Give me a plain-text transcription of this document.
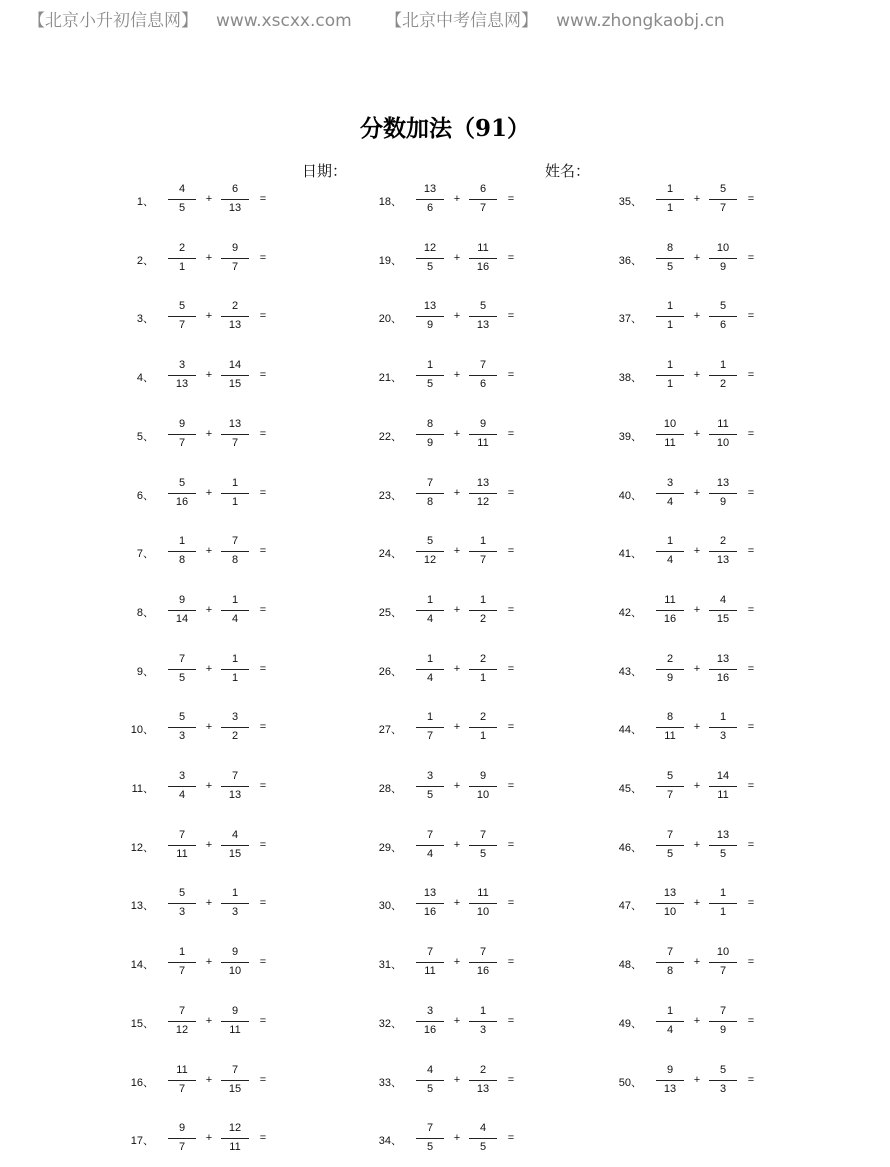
【北京小升初信息网】 www.xscxx.com 【北京中考信息网】 www.zhongkaobj.cn
分数加法（91）
日期：	姓名：
1、
4
5
+
6
13
=
2、
2
1
+
9
7
=
3、
5
7
+
2
13
=
4、
3
13
+
14
15
=
5、
9
7
+
13
7
=
6、
5
16
+
1
1
=
7、
1
8
+
7
8
=
8、
9
14
+
1
4
=
9、
7
5
+
1
1
=
10、
5
3
+
3
2
=
11、
3
4
+
7
13
=
12、
7
11
+
4
15
=
13、
5
3
+
1
3
=
14、
1
7
+
9
10
=
15、
7
12
+
9
11
=
16、
11
7
+
7
15
=
17、
9
7
+
12
11
=
18、
13
6
+
6
7
=
19、
12
5
+
11
16
=
20、
13
9
+
5
13
=
21、
1
5
+
7
6
=
22、
8
9
+
9
11
=
23、
7
8
+
13
12
=
24、
5
12
+
1
7
=
25、
1
4
+
1
2
=
26、
1
4
+
2
1
=
27、
1
7
+
2
1
=
28、
3
5
+
9
10
=
29、
7
4
+
7
5
=
30、
13
16
+
11
10
=
31、
7
11
+
7
16
=
32、
3
16
+
1
3
=
33、
4
5
+
2
13
=
34、
7
5
+
4
5
=
35、
1
1
+
5
7
=
36、
8
5
+
10
9
=
37、
1
1
+
5
6
=
38、
1
1
+
1
2
=
39、
10
11
+
11
10
=
40、
3
4
+
13
9
=
41、
1
4
+
2
13
=
42、
11
16
+
4
15
=
43、
2
9
+
13
16
=
44、
8
11
+
1
3
=
45、
5
7
+
14
11
=
46、
7
5
+
13
5
=
47、
13
10
+
1
1
=
48、
7
8
+
10
7
=
49、
1
4
+
7
9
=
50、
9
13
+
5
3
=
